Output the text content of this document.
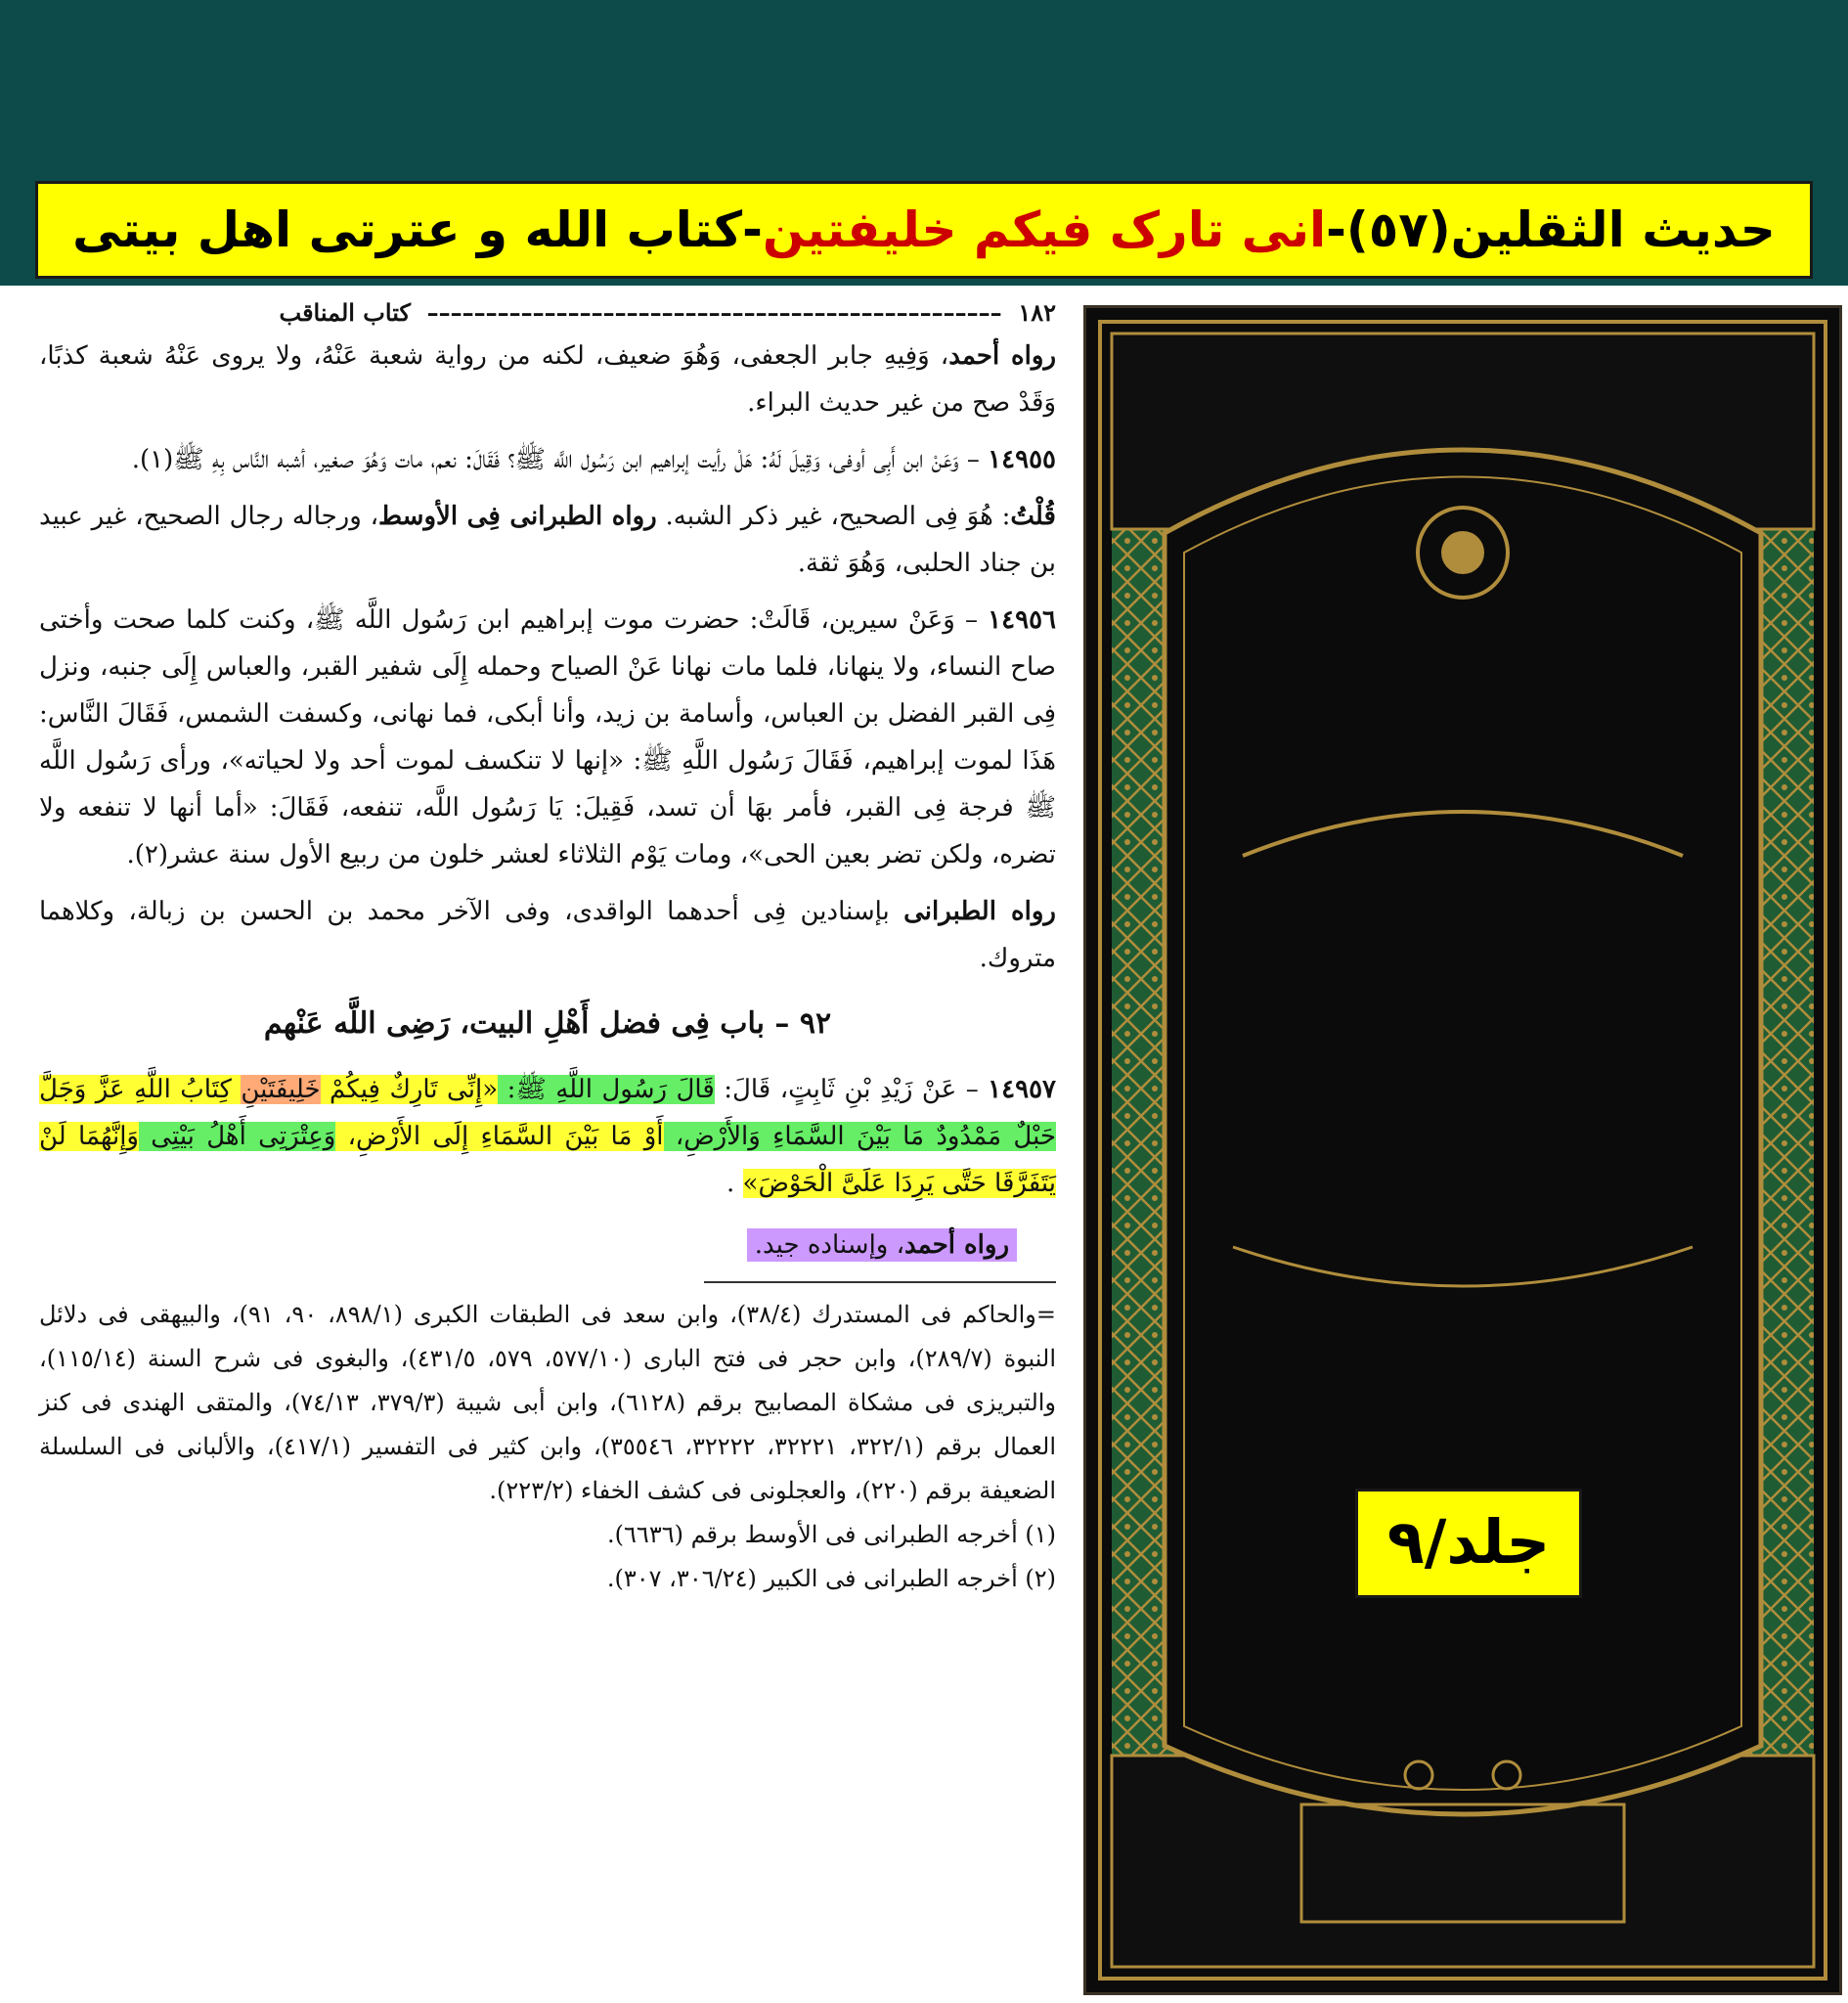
حديث الثقلين(٥٧)-انی تارک فیکم خلیفتین-كتاب الله و عترتی اهل بیتی
١٨٢  –––––––––––––––––––––––––––––––––––––––––––––––––  كتاب المناقب

رواه أحمد، وَفِيهِ جابر الجعفى، وَهُوَ ضعيف، لكنه من رواية شعبة عَنْهُ، ولا يروى عَنْهُ شعبة كذبًا، وَقَدْ صح من غير حديث البراء.

١٤٩٥٥ – وَعَنْ ابن أَبِى أوفى، وَقِيلَ لَهُ: هَلْ رأيت إبراهيم ابن رَسُول اللَّه ﷺ؟ فَقَالَ: نعم، مات وَهُوَ صغير، أشبه النَّاس بِهِ ﷺ(١).

قُلْتُ: هُوَ فِى الصحيح، غير ذكر الشبه. رواه الطبرانى فِى الأوسط، ورجاله رجال الصحيح، غير عبيد بن جناد الحلبى، وَهُوَ ثقة.

١٤٩٥٦ – وَعَنْ سيرين، قَالَتْ: حضرت موت إبراهيم ابن رَسُول اللَّه ﷺ، وكنت كلما صحت وأختى صاح النساء، ولا ينهانا، فلما مات نهانا عَنْ الصياح وحمله إِلَى شفير القبر، والعباس إِلَى جنبه، ونزل فِى القبر الفضل بن العباس، وأسامة بن زيد، وأنا أبكى، فما نهانى، وكسفت الشمس، فَقَالَ النَّاس: هَذَا لموت إبراهيم، فَقَالَ رَسُول اللَّهِ ﷺ: «إنها لا تنكسف لموت أحد ولا لحياته»، ورأى رَسُول اللَّه ﷺ فرجة فِى القبر، فأمر بهَا أن تسد، فَقِيلَ: يَا رَسُول اللَّه، تنفعه، فَقَالَ: «أما أنها لا تنفعه ولا تضره، ولكن تضر بعين الحى»، ومات يَوْم الثلاثاء لعشر خلون من ربيع الأول سنة عشر(٢).

رواه الطبرانى بإسنادين فِى أحدهما الواقدى، وفى الآخر محمد بن الحسن بن زبالة، وكلاهما متروك.

٩٢ – باب فِى فضل أَهْلِ البيت، رَضِى اللَّه عَنْهم

١٤٩٥٧ – عَنْ زَيْدِ بْنِ ثَابِتٍ، قَالَ: قَالَ رَسُول اللَّهِ ﷺ: «إِنِّى تَارِكٌ فِيكُمْ خَلِيفَتَيْنِ كِتَابُ اللَّهِ عَزَّ وَجَلَّ حَبْلٌ مَمْدُودٌ مَا بَيْنَ السَّمَاءِ وَالأَرْضِ، أَوْ مَا بَيْنَ السَّمَاءِ إِلَى الأَرْضِ، وَعِتْرَتِى أَهْلُ بَيْتِى وَإِنَّهُمَا لَنْ يَتَفَرَّقَا حَتَّى يَرِدَا عَلَىَّ الْحَوْضَ» .

رواه أحمد، وإسناده جيد.

=والحاكم فى المستدرك (٣٨/٤)، وابن سعد فى الطبقات الكبرى (٨٩٨/١، ٩٠، ٩١)، والبيهقى فى دلائل النبوة (٢٨٩/٧)، وابن حجر فى فتح البارى (٥٧٧/١٠، ٥٧٩، ٤٣١/٥)، والبغوى فى شرح السنة (١١٥/١٤)، والتبريزى فى مشكاة المصابيح برقم (٦١٢٨)، وابن أبى شيبة (٣٧٩/٣، ٧٤/١٣)، والمتقى الهندى فى كنز العمال برقم (٣٢٢/١، ٣٢٢٢١، ٣٢٢٢٢، ٣٥٥٤٦)، وابن كثير فى التفسير (٤١٧/١)، والألبانى فى السلسلة الضعيفة برقم (٢٢٠)، والعجلونى فى كشف الخفاء (٢٢٣/٢).

(١) أخرجه الطبرانى فى الأوسط برقم (٦٦٣٦).

(٢) أخرجه الطبرانى فى الكبير (٣٠٦/٢٤، ٣٠٧).

جلد/٩
